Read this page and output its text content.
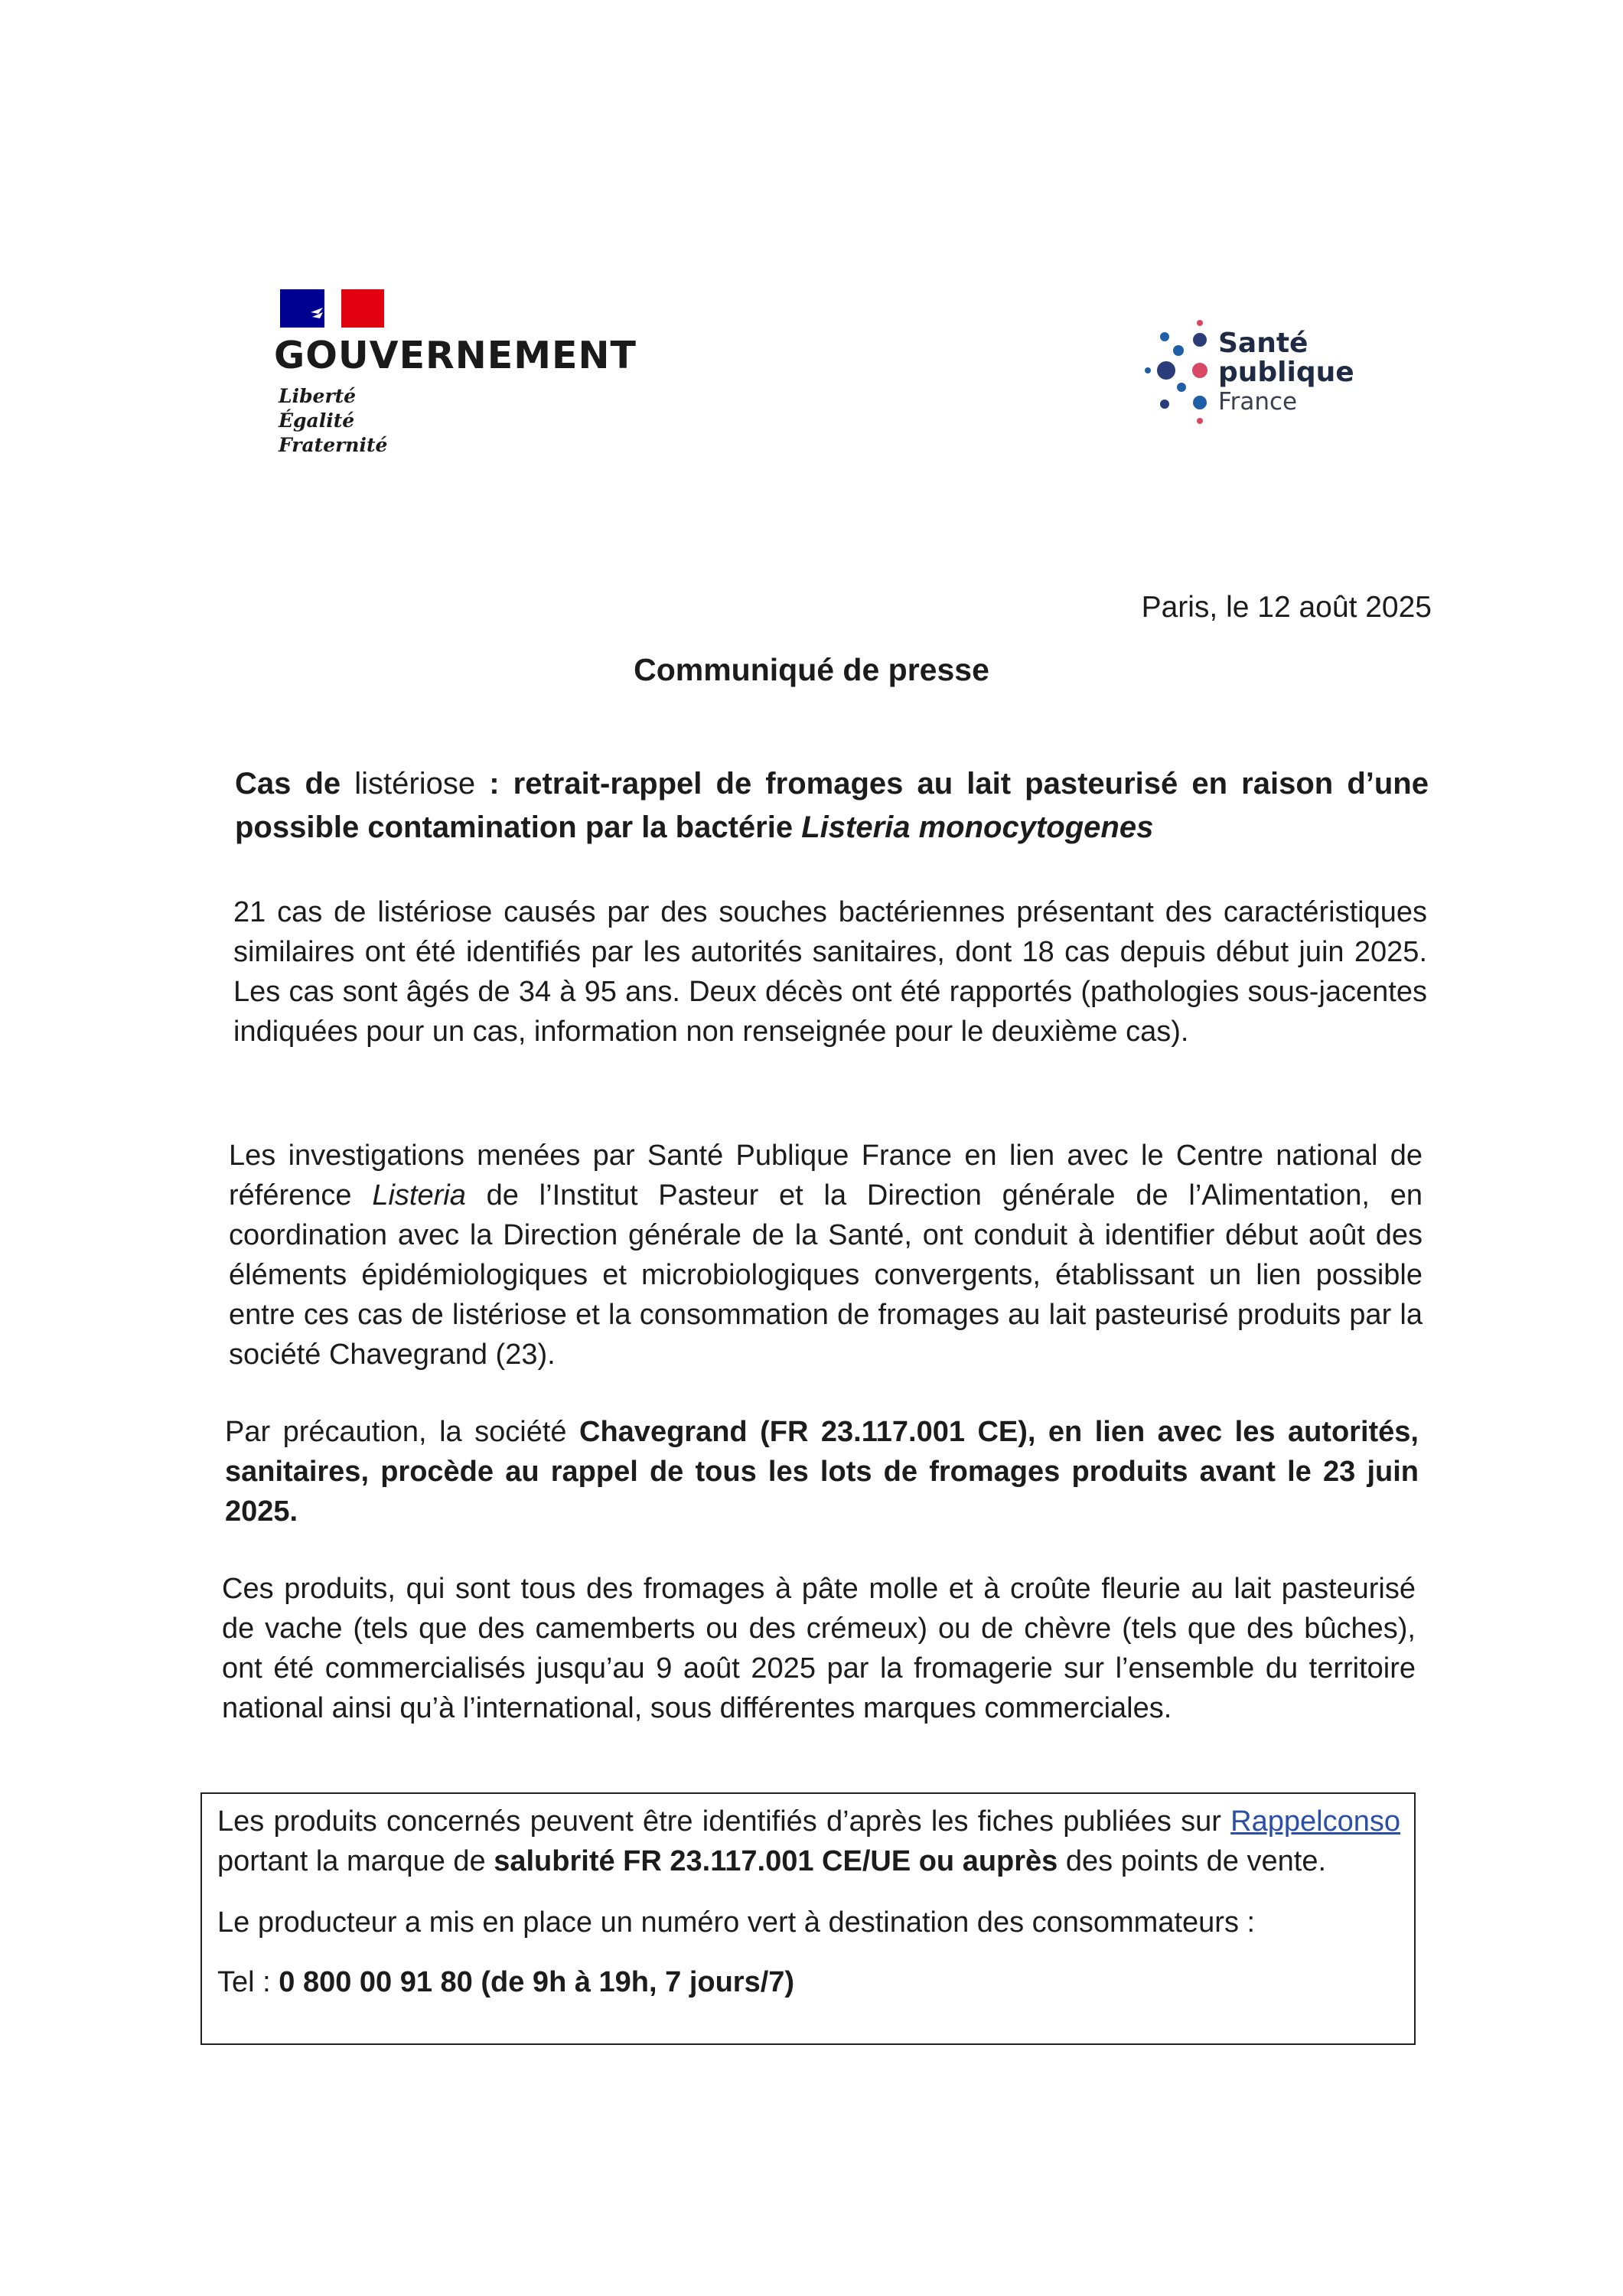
GOUVERNEMENT
Liberté
Égalité
Fraternité
Santé
publique
France
Paris, le 12 août 2025
Communiqué de presse
Cas de listériose : retrait-rappel de fromages au lait pasteurisé en raison d’une possible contamination par la bactérie Listeria monocytogenes
21 cas de listériose causés par des souches bactériennes présentant des caractéristiques similaires ont été identifiés par les autorités sanitaires, dont 18 cas depuis début juin 2025. Les cas sont âgés de 34 à 95 ans. Deux décès ont été rapportés (pathologies sous-jacentes indiquées pour un cas, information non renseignée pour le deuxième cas).
Les investigations menées par Santé Publique France en lien avec le Centre national de référence Listeria de l’Institut Pasteur et la Direction générale de l’Alimentation, en coordination avec la Direction générale de la Santé, ont conduit à identifier début août des éléments épidémiologiques et microbiologiques convergents, établissant un lien possible entre ces cas de listériose et la consommation de fromages au lait pasteurisé produits par la société Chavegrand (23).
Par précaution, la société Chavegrand (FR 23.117.001 CE), en lien avec les autorités, sanitaires, procède au rappel de tous les lots de fromages produits avant le 23 juin 2025.
Ces produits, qui sont tous des fromages à pâte molle et à croûte fleurie au lait pasteurisé de vache (tels que des camemberts ou des crémeux) ou de chèvre (tels que des bûches), ont été commercialisés jusqu’au 9 août 2025 par la fromagerie sur l’ensemble du territoire national ainsi qu’à l’international, sous différentes marques commerciales.
Les produits concernés peuvent être identifiés d’après les fiches publiées sur Rappelconso portant la marque de salubrité FR 23.117.001 CE/UE ou auprès des points de vente.
Le producteur a mis en place un numéro vert à destination des consommateurs :
Tel : 0 800 00 91 80 (de 9h à 19h, 7 jours/7)
